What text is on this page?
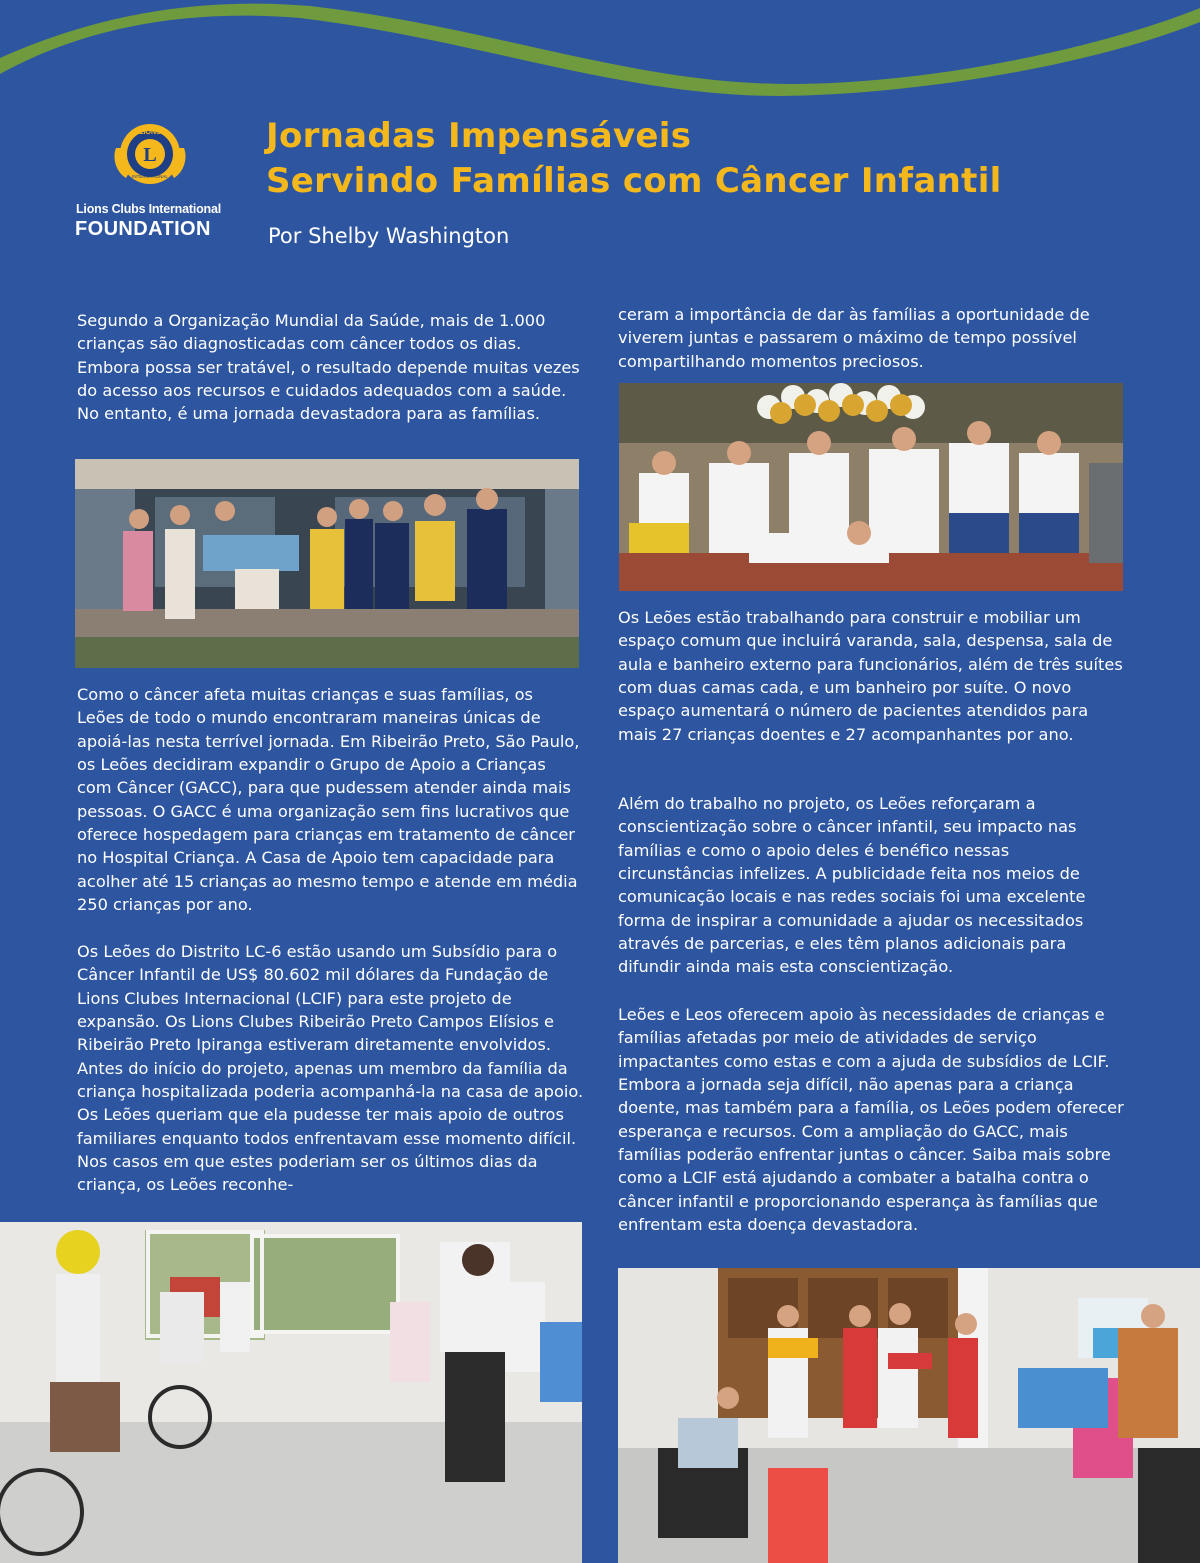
L
LIONS
INTERNATIONAL
Lions Clubs International
FOUNDATION
Jornadas Impensáveis
Servindo Famílias com Câncer Infantil
Por Shelby Washington

Segundo a Organização Mundial da Saúde, mais de 1.000 crianças são diagnosticadas com câncer todos os dias. Embora possa ser tratável, o resultado depende muitas vezes do acesso aos recursos e cuidados adequados com a saúde. No entanto, é uma jornada devastadora para as famílias.

Como o câncer afeta muitas crianças e suas famílias, os Leões de todo o mundo encontraram maneiras únicas de apoiá-las nesta terrível jornada. Em Ribeirão Preto, São Paulo, os Leões decidiram expandir o Grupo de Apoio a Crianças com Câncer (GACC), para que pudessem atender ainda mais pessoas. O GACC é uma organização sem fins lucrativos que oferece hospedagem para crianças em tratamento de câncer no Hospital Criança. A Casa de Apoio tem capacidade para acolher até 15 crianças ao mesmo tempo e atende em média 250 crianças por ano.

Os Leões do Distrito LC-6 estão usando um Subsídio para o Câncer Infantil de US$ 80.602 mil dólares da Fundação de Lions Clubes Internacional (LCIF) para este projeto de expansão. Os Lions Clubes Ribeirão Preto Campos Elísios e Ribeirão Preto Ipiranga estiveram diretamente envolvidos. Antes do início do projeto, apenas um membro da família da criança hospitalizada poderia acompanhá-la na casa de apoio. Os Leões queriam que ela pudesse ter mais apoio de outros familiares enquanto todos enfrentavam esse momento difícil. Nos casos em que estes poderiam ser os últimos dias da criança, os Leões reconhe-

ceram a importância de dar às famílias a oportunidade de viverem juntas e passarem o máximo de tempo possível compartilhando momentos preciosos.

Os Leões estão trabalhando para construir e mobiliar um espaço comum que incluirá varanda, sala, despensa, sala de aula e banheiro externo para funcionários, além de três suítes com duas camas cada, e um banheiro por suíte. O novo espaço aumentará o número de pacientes atendidos para mais 27 crianças doentes e 27 acompanhantes por ano.

Além do trabalho no projeto, os Leões reforçaram a conscientização sobre o câncer infantil, seu impacto nas famílias e como o apoio deles é benéfico nessas circunstâncias infelizes. A publicidade feita nos meios de comunicação locais e nas redes sociais foi uma excelente forma de inspirar a comunidade a ajudar os necessitados através de parcerias, e eles têm planos adicionais para difundir ainda mais esta conscientização.

Leões e Leos oferecem apoio às necessidades de crianças e famílias afetadas por meio de atividades de serviço impactantes como estas e com a ajuda de subsídios de LCIF. Embora a jornada seja difícil, não apenas para a criança doente, mas também para a família, os Leões podem oferecer esperança e recursos. Com a ampliação do GACC, mais famílias poderão enfrentar juntas o câncer. Saiba mais sobre como a LCIF está ajudando a combater a batalha contra o câncer infantil e proporcionando esperança às famílias que enfrentam esta doença devastadora.
